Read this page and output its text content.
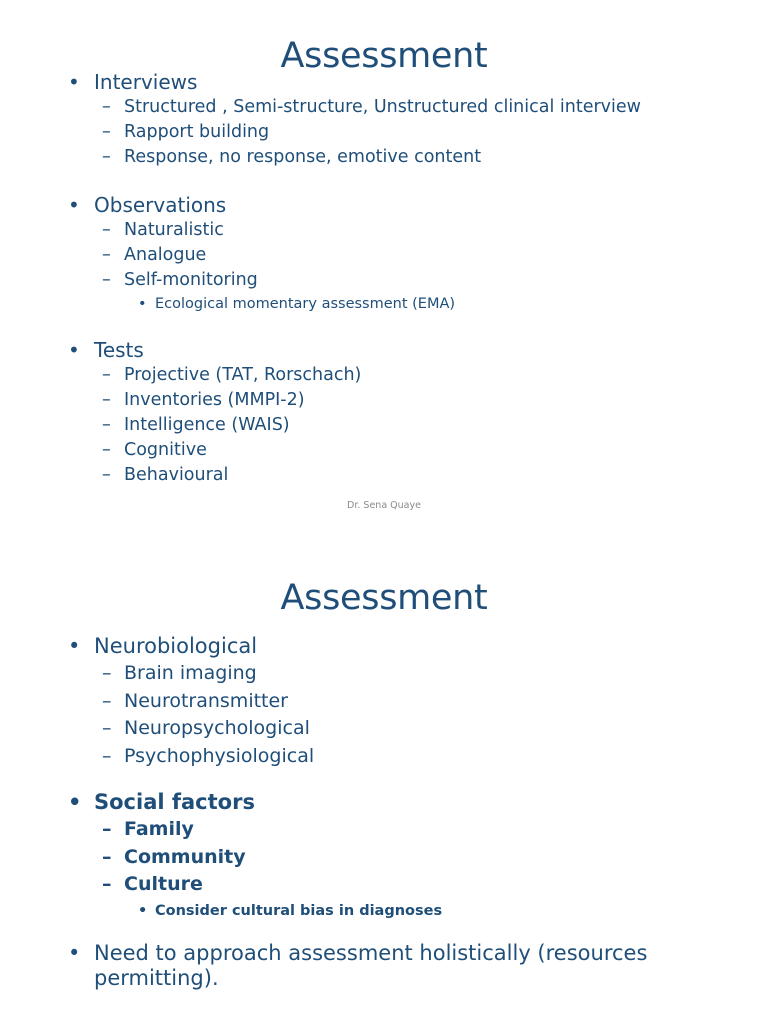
Assessment
• Interviews
– Structured , Semi-structure, Unstructured clinical interview
– Rapport building
– Response, no response, emotive content
• Observations
– Naturalistic
– Analogue
– Self-monitoring
• Ecological momentary assessment (EMA)
• Tests
– Projective (TAT, Rorschach)
– Inventories (MMPI-2)
– Intelligence (WAIS)
– Cognitive
– Behavioural
Dr. Sena Quaye
Assessment
• Neurobiological
– Brain imaging
– Neurotransmitter
– Neuropsychological
– Psychophysiological
• Social factors
– Family
– Community
– Culture
• Consider cultural bias in diagnoses
• Need to approach assessment holistically (resources
permitting).
